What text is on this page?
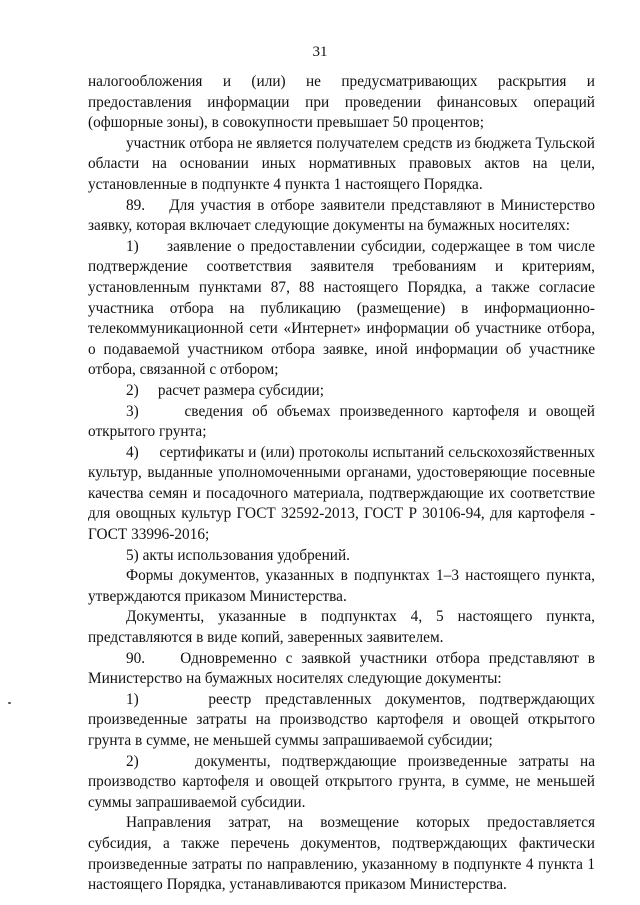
31

налогообложения и (или) не предусматривающих раскрытия и предоставления информации при проведении финансовых операций (офшорные зоны), в совокупности превышает 50 процентов;

участник отбора не является получателем средств из бюджета Тульской области на основании иных нормативных правовых актов на цели, установленные в подпункте 4 пункта 1 настоящего Порядка.

89.    Для участия в отборе заявители представляют в Министерство заявку, которая включает следующие документы на бумажных носителях:

1)     заявление о предоставлении субсидии, содержащее в том числе подтверждение соответствия заявителя требованиям и критериям, установленным пунктами 87, 88 настоящего Порядка, а также согласие участника отбора на публикацию (размещение) в информационно-телекоммуникационной сети «Интернет» информации об участнике отбора, о подаваемой участником отбора заявке, иной информации об участнике отбора, связанной с отбором;

2)     расчет размера субсидии;

3)     сведения об объемах произведенного картофеля и овощей открытого грунта;

4)     сертификаты и (или) протоколы испытаний сельскохозяйственных культур, выданные уполномоченными органами, удостоверяющие посевные качества семян и посадочного материала, подтверждающие их соответствие для овощных культур ГОСТ 32592-2013, ГОСТ Р 30106-94, для картофеля - ГОСТ 33996-2016;

5) акты использования удобрений.

Формы документов, указанных в подпунктах 1–3 настоящего пункта, утверждаются приказом Министерства.

Документы, указанные в подпунктах 4, 5 настоящего пункта, представляются в виде копий, заверенных заявителем.

90.    Одновременно с заявкой участники отбора представляют в Министерство на бумажных носителях следующие документы:

1)     реестр представленных документов, подтверждающих произведенные затраты на производство картофеля и овощей открытого грунта в сумме, не меньшей суммы запрашиваемой субсидии;

2)     документы, подтверждающие произведенные затраты на производство картофеля и овощей открытого грунта, в сумме, не меньшей суммы запрашиваемой субсидии.

Направления затрат, на возмещение которых предоставляется субсидия, а также перечень документов, подтверждающих фактически произведенные затраты по направлению, указанному в подпункте 4 пункта 1 настоящего Порядка, устанавливаются приказом Министерства.
